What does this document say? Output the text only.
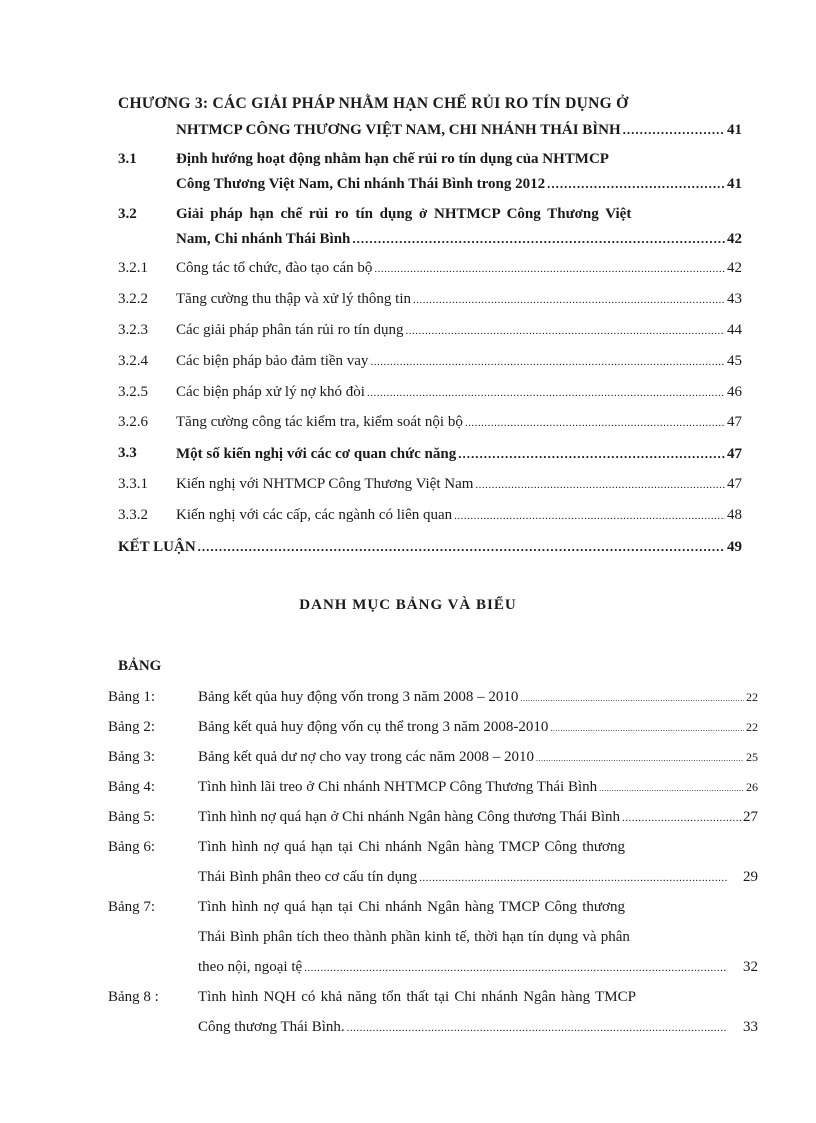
CHƯƠNG 3: CÁC GIẢI PHÁP NHẰM HẠN CHẾ RỦI RO TÍN DỤNG Ở
NHTMCP CÔNG THƯƠNG VIỆT NAM, CHI NHÁNH THÁI BÌNH .....	41
3.1	Định hướng hoạt động nhằm hạn chế rủi ro tín dụng của NHTMCP
Công Thương Việt Nam, Chi nhánh Thái Bình trong 2012 .....	41
3.2	Giải pháp hạn chế rủi ro tín dụng ở NHTMCP Công Thương Việt
Nam, Chi nhánh Thái Bình .....	42
3.2.1 Công tác tổ chức, đào tạo cán bộ .....	42
3.2.2 Tăng cường thu thập và xử lý thông tin .....	43
3.2.3 Các giải pháp phân tán rủi ro tín dụng .....	44
3.2.4 Các biện pháp bảo đảm tiền vay .....	45
3.2.5 Các biện pháp xử lý nợ khó đòi .....	46
3.2.6 Tăng cường công tác kiểm tra, kiểm soát nội bộ .....	47
3.3	Một số kiến nghị với các cơ quan chức năng .....	47
3.3.1 Kiến nghị với NHTMCP Công Thương Việt Nam .....	47
3.3.2 Kiến nghị với các cấp, các ngành có liên quan .....	48
KẾT LUẬN .....	49
DANH MỤC BẢNG VÀ BIỂU
BẢNG
Bảng 1:	Bảng kết qủa huy động vốn trong 3 năm 2008 – 2010 .....	22
Bảng 2:	Bảng kết quả huy động vốn cụ thể trong 3 năm 2008-2010 .....	22
Bảng 3:	Bảng kết quả dư nợ cho vay trong các năm 2008 – 2010 .....	25
Bảng 4:	Tình hình lãi treo ở Chi nhánh NHTMCP Công Thương Thái Bình .....	26
Bảng 5:	Tình hình nợ quá hạn ở Chi nhánh Ngân hàng Công thương Thái Bình .....	27
Bảng 6:	Tình hình nợ quá hạn tại Chi nhánh Ngân hàng TMCP Công thương
Thái Bình phân theo cơ cấu tín dụng .....	29
Bảng 7:	Tình hình nợ quá hạn tại Chi nhánh Ngân hàng TMCP Công thương
Thái Bình phân tích theo thành phần kinh tế, thời hạn tín dụng và phân
theo nội, ngoại tệ .....	32
Bảng 8 :	Tình hình NQH có khả năng tổn thất tại Chi nhánh Ngân hàng TMCP
Công thương Thái Bình. .....	33
